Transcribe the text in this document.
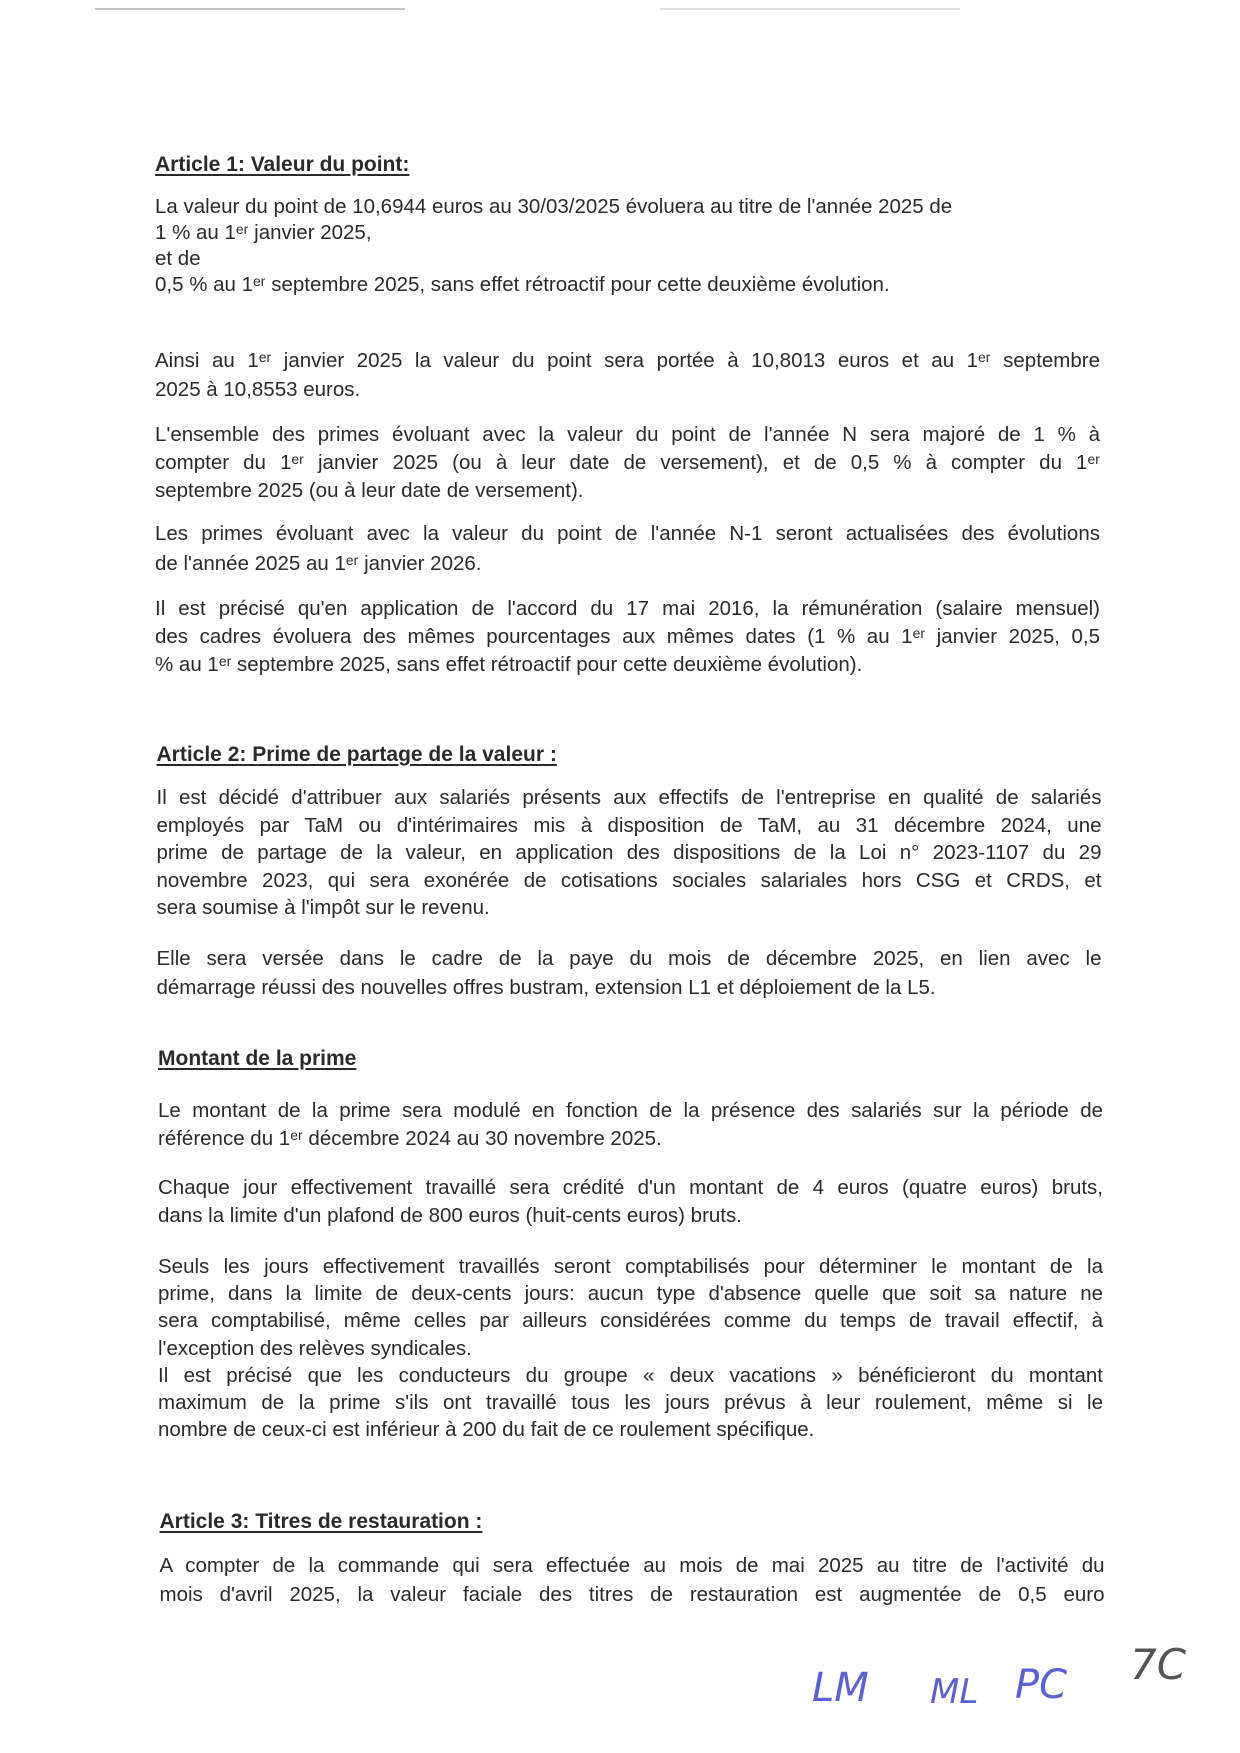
Article 1: Valeur du point:
La valeur du point de 10,6944 euros au 30/03/2025 évoluera au titre de l'année 2025 de
1 % au 1ᵉʳ janvier 2025,
et de
0,5 % au 1ᵉʳ septembre 2025, sans effet rétroactif pour cette deuxième évolution.
Ainsi au 1ᵉʳ janvier 2025 la valeur du point sera portée à 10,8013 euros et au 1ᵉʳ septembre
2025 à 10,8553 euros.
L'ensemble des primes évoluant avec la valeur du point de l'année N sera majoré de 1 % à
compter du 1ᵉʳ janvier 2025 (ou à leur date de versement), et de 0,5 % à compter du 1ᵉʳ
septembre 2025 (ou à leur date de versement).
Les primes évoluant avec la valeur du point de l'année N-1 seront actualisées des évolutions
de l'année 2025 au 1ᵉʳ janvier 2026.
Il est précisé qu'en application de l'accord du 17 mai 2016, la rémunération (salaire mensuel)
des cadres évoluera des mêmes pourcentages aux mêmes dates (1 % au 1ᵉʳ janvier 2025, 0,5
% au 1ᵉʳ septembre 2025, sans effet rétroactif pour cette deuxième évolution).
Article 2: Prime de partage de la valeur :
Il est décidé d'attribuer aux salariés présents aux effectifs de l'entreprise en qualité de salariés
employés par TaM ou d'intérimaires mis à disposition de TaM, au 31 décembre 2024, une
prime de partage de la valeur, en application des dispositions de la Loi n° 2023-1107 du 29
novembre 2023, qui sera exonérée de cotisations sociales salariales hors CSG et CRDS, et
sera soumise à l'impôt sur le revenu.
Elle sera versée dans le cadre de la paye du mois de décembre 2025, en lien avec le
démarrage réussi des nouvelles offres bustram, extension L1 et déploiement de la L5.
Montant de la prime
Le montant de la prime sera modulé en fonction de la présence des salariés sur la période de
référence du 1ᵉʳ décembre 2024 au 30 novembre 2025.
Chaque jour effectivement travaillé sera crédité d'un montant de 4 euros (quatre euros) bruts,
dans la limite d'un plafond de 800 euros (huit-cents euros) bruts.
Seuls les jours effectivement travaillés seront comptabilisés pour déterminer le montant de la
prime, dans la limite de deux-cents jours: aucun type d'absence quelle que soit sa nature ne
sera comptabilisé, même celles par ailleurs considérées comme du temps de travail effectif, à
l'exception des relèves syndicales.
Il est précisé que les conducteurs du groupe « deux vacations » bénéficieront du montant
maximum de la prime s'ils ont travaillé tous les jours prévus à leur roulement, même si le
nombre de ceux-ci est inférieur à 200 du fait de ce roulement spécifique.
Article 3: Titres de restauration :
A compter de la commande qui sera effectuée au mois de mai 2025 au titre de l'activité du
mois d'avril 2025, la valeur faciale des titres de restauration est augmentée de 0,5 euro
LM ML PC 7C
